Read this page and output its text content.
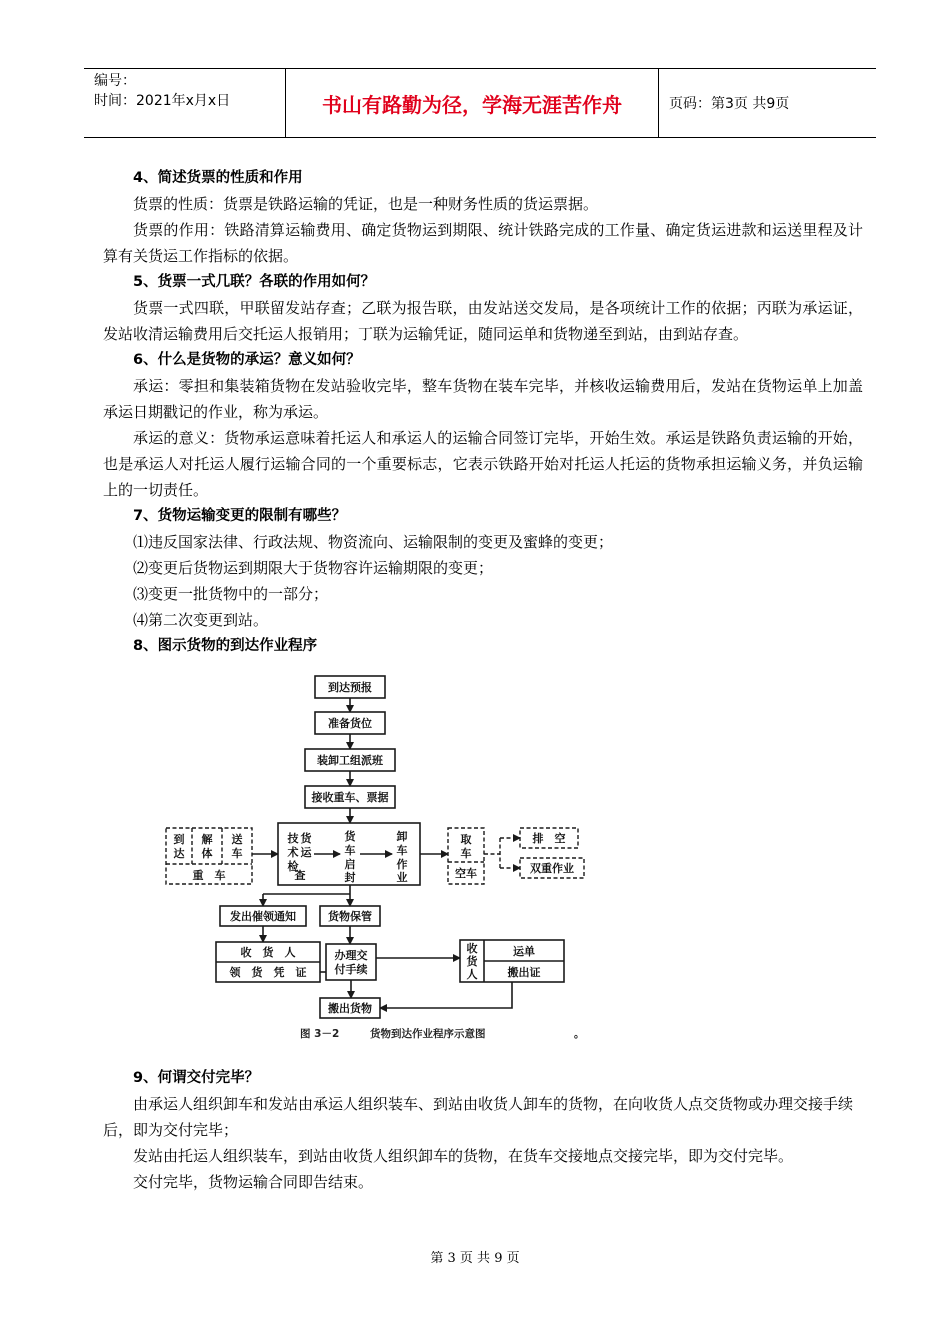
编号：
时间：2021年x月x日	书山有路勤为径，学海无涯苦作舟	页码：第3页 共9页

4、简述货票的性质和作用

货票的性质：货票是铁路运输的凭证，也是一种财务性质的货运票据。

货票的作用：铁路清算运输费用、确定货物运到期限、统计铁路完成的工作量、确定货运进款和运送里程及计算有关货运工作指标的依据。

5、货票一式几联？各联的作用如何？

货票一式四联，甲联留发站存查；乙联为报告联，由发站送交发局，是各项统计工作的依据；丙联为承运证，发站收清运输费用后交托运人报销用；丁联为运输凭证，随同运单和货物递至到站，由到站存查。

6、什么是货物的承运？意义如何？

承运：零担和集装箱货物在发站验收完毕，整车货物在装车完毕，并核收运输费用后，发站在货物运单上加盖承运日期戳记的作业，称为承运。

承运的意义：货物承运意味着托运人和承运人的运输合同签订完毕，开始生效。承运是铁路负责运输的开始，也是承运人对托运人履行运输合同的一个重要标志，它表示铁路开始对托运人托运的货物承担运输义务，并负运输上的一切责任。

7、货物运输变更的限制有哪些？

⑴违反国家法律、行政法规、物资流向、运输限制的变更及蜜蜂的变更；

⑵变更后货物运到期限大于货物容许运输期限的变更；

⑶变更一批货物中的一部分；

⑷第二次变更到站。

8、图示货物的到达作业程序

9、何谓交付完毕？

由承运人组织卸车和发站由承运人组织装车、到站由收货人卸车的货物，在向收货人点交货物或办理交接手续后，即为交付完毕；

发站由托运人组织装车，到站由收货人组织卸车的货物，在货车交接地点交接完毕，即为交付完毕。

交付完毕，货物运输合同即告结束。

到达预报
准备货位
装卸工组派班
接收重车、票据
到
达
解
体
送
车
重　车
技
术
检
货
运
查
货
车
启
封
卸
车
作
业
取
车
空车
排　空
双重作业
发出催领通知	货物保管
收　货　人
领　货　凭　证
办理交
付手续
收
货
人
运单
搬出证
搬出货物
图 3－2	货物到达作业程序示意图	。
第 3 页 共 9 页
